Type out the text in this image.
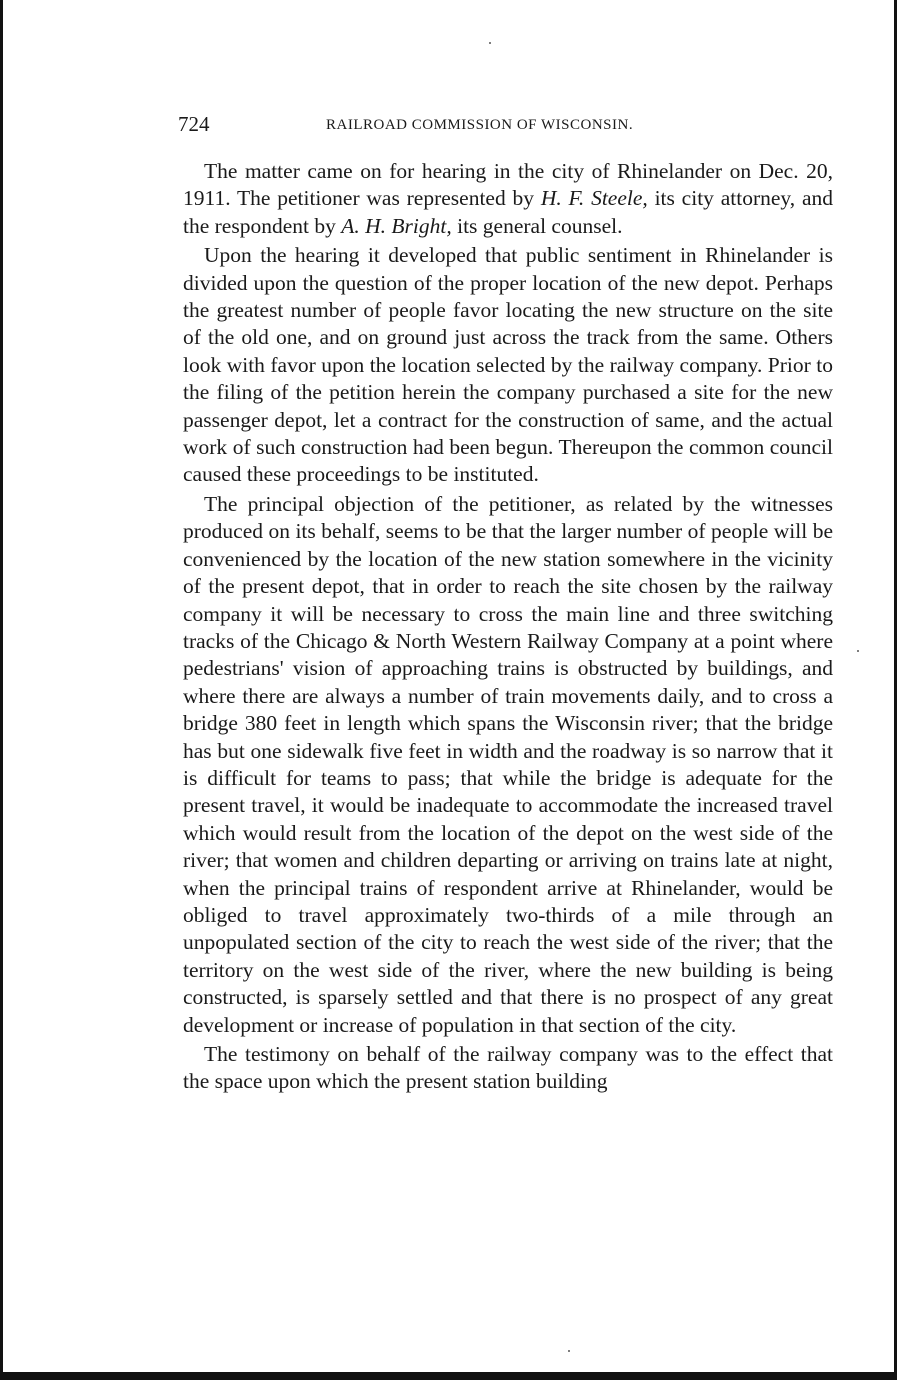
724	RAILROAD COMMISSION OF WISCONSIN.

The matter came on for hearing in the city of Rhinelander on Dec. 20, 1911. The petitioner was represented by H. F. Steele, its city attorney, and the respondent by A. H. Bright, its general counsel.

Upon the hearing it developed that public sentiment in Rhinelander is divided upon the question of the proper location of the new depot. Perhaps the greatest number of people favor locating the new structure on the site of the old one, and on ground just across the track from the same. Others look with favor upon the location selected by the railway company. Prior to the filing of the petition herein the company purchased a site for the new passenger depot, let a contract for the construction of same, and the actual work of such construction had been begun. Thereupon the common council caused these proceedings to be instituted.

The principal objection of the petitioner, as related by the witnesses produced on its behalf, seems to be that the larger number of people will be convenienced by the location of the new station somewhere in the vicinity of the present depot, that in order to reach the site chosen by the railway company it will be necessary to cross the main line and three switching tracks of the Chicago & North Western Railway Company at a point where pedestrians' vision of approaching trains is obstructed by buildings, and where there are always a number of train movements daily, and to cross a bridge 380 feet in length which spans the Wisconsin river; that the bridge has but one sidewalk five feet in width and the roadway is so narrow that it is difficult for teams to pass; that while the bridge is adequate for the present travel, it would be inadequate to accommodate the increased travel which would result from the location of the depot on the west side of the river; that women and children departing or arriving on trains late at night, when the principal trains of respondent arrive at Rhinelander, would be obliged to travel approximately two-thirds of a mile through an unpopulated section of the city to reach the west side of the river; that the territory on the west side of the river, where the new building is being constructed, is sparsely settled and that there is no prospect of any great development or increase of population in that section of the city.

The testimony on behalf of the railway company was to the effect that the space upon which the present station building
